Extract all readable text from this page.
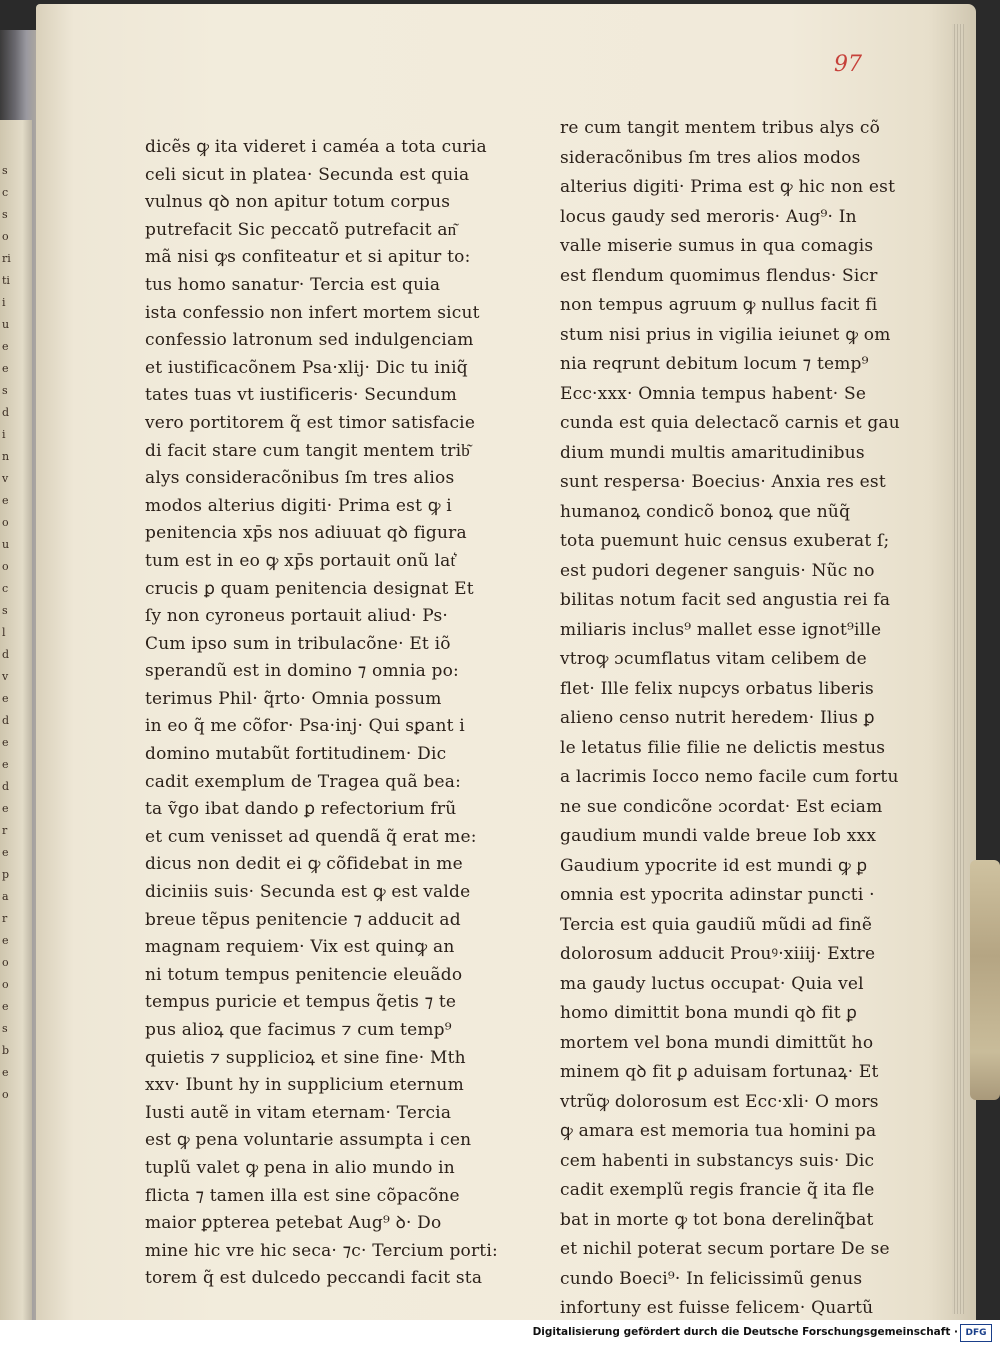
s
c
s
o
ri
ti
i
u
e
e
s
d
i
n
v
e
o
u
o
c
s
l
d
v
e
d
e
e
d
e
r
e
p
a
r
e
o
o
e
s
b
e
o
97
dicẽs ꝙ ita videret i caméa a tota curia
celi sicut in platea· Secunda est quia
vulnus qꝺ non apitur totum corpus
putrefacit Sic peccatõ putrefacit an͂
mã nisi ꝙs confiteatur et si apitur to:
tus homo sanatur· Tercia est quia
ista confessio non infert mortem sicut
confessio latronum sed indulgenciam
et iustificacõnem Psa·xlij· Dic tu iniq̃
tates tuas vt iustificeris· Secundum
vero portitorem q̃ est timor satisfacie
di facit stare cum tangit mentem trib͂
alys consideracõnibus ſm tres alios
modos alterius digiti· Prima est ꝙ i
penitencia xp̄s nos adiuuat qꝺ figura
tum est in eo ꝙ xp̄s portauit onũ lat͛
crucis ꝑ quam penitencia designat Et
ſy non cyroneus portauit aliud· Ps·
Cum ipso sum in tribulacõne· Et iõ
sperandũ est in domino ⁊ omnia po:
terimus Phil· q̃rto· Omnia possum
in eo q̃ me cõfor· Psa·inj· Qui sꝑant i
domino mutabũt fortitudinem· Dic
cadit exemplum de Tragea quã bea:
ta ṽgo ibat dando ꝑ refectorium frũ
et cum venisset ad quendã q̃ erat me:
dicus non dedit ei ꝙ cõfidebat in me
diciniis suis· Secunda est ꝙ est valde
breue tẽpus penitencie ⁊ adducit ad
magnam requiem· Vix est quinꝙ an
ni totum tempus penitencie eleuãdo
tempus puricie et tempus q̃etis ⁊ te
pus alioꝝ que facimus ⁊ cum temp⁹
quietis ⁊ supplicioꝝ et sine fine· Mth
xxv· Ibunt hy in supplicium eternum
Iusti autẽ in vitam eternam· Tercia
est ꝙ pena voluntarie assumpta i cen
tuplũ valet ꝙ pena in alio mundo in
flicta ⁊ tamen illa est sine cõpacõne
maior ꝑpterea petebat Aug⁹ ꝺ· Do
mine hic vre hic seca· ⁊c· Tercium porti:
torem q̃ est dulcedo peccandi facit sta
re cum tangit mentem tribus alys cõ
sideracõnibus ſm tres alios modos
alterius digiti· Prima est ꝙ hic non est
locus gaudy sed meroris· Aug⁹· In
valle miserie sumus in qua comagis
est flendum quomimus flendus· Sicr
non tempus agruum ꝙ nullus facit fi
stum nisi prius in vigilia ieiunet ꝙ om
nia reqrunt debitum locum ⁊ temp⁹
Ecc·xxx· Omnia tempus habent· Se
cunda est quia delectacõ carnis et gau
dium mundi multis amaritudinibus
sunt respersa· Boecius· Anxia res est
humanoꝝ condicõ bonoꝝ que nũq̃
tota puemunt huic census exuberat ſ;
est pudori degener sanguis· Nũc no
bilitas notum facit sed angustia rei fa
miliaris inclus⁹ mallet esse ignot⁹ille
vtroꝙ ɔcumflatus vitam celibem de
flet· Ille felix nupcys orbatus liberis
alieno censo nutrit heredem· Ilius ꝑ
le letatus filie filie ne delictis mestus
a lacrimis Iocco nemo facile cum fortu
ne sue condicõne ɔcordat· Est eciam
gaudium mundi valde breue Iob xxx
Gaudium ypocrite id est mundi ꝙ ꝑ
omnia est ypocrita adinstar puncti ·
Tercia est quia gaudiũ mũdi ad finẽ
dolorosum adducit Prouꝰ·xiiij· Extre
ma gaudy luctus occupat· Quia vel
homo dimittit bona mundi qꝺ fit ꝑ
mortem vel bona mundi dimittũt ho
minem qꝺ fit ꝑ aduisam fortunaꝝ· Et
vtrũꝙ dolorosum est Ecc·xli· O mors
ꝙ amara est memoria tua homini pa
cem habenti in substancys suis· Dic
cadit exemplũ regis francie q̃ ita fle
bat in morte ꝙ tot bona derelinq̃bat
et nichil poterat secum portare De se
cundo Boeci⁹· In felicissimũ genus
infortuny est fuisse felicem· Quartũ
Digitalisierung gefördert durch die Deutsche Forschungsgemeinschaft · DFG
